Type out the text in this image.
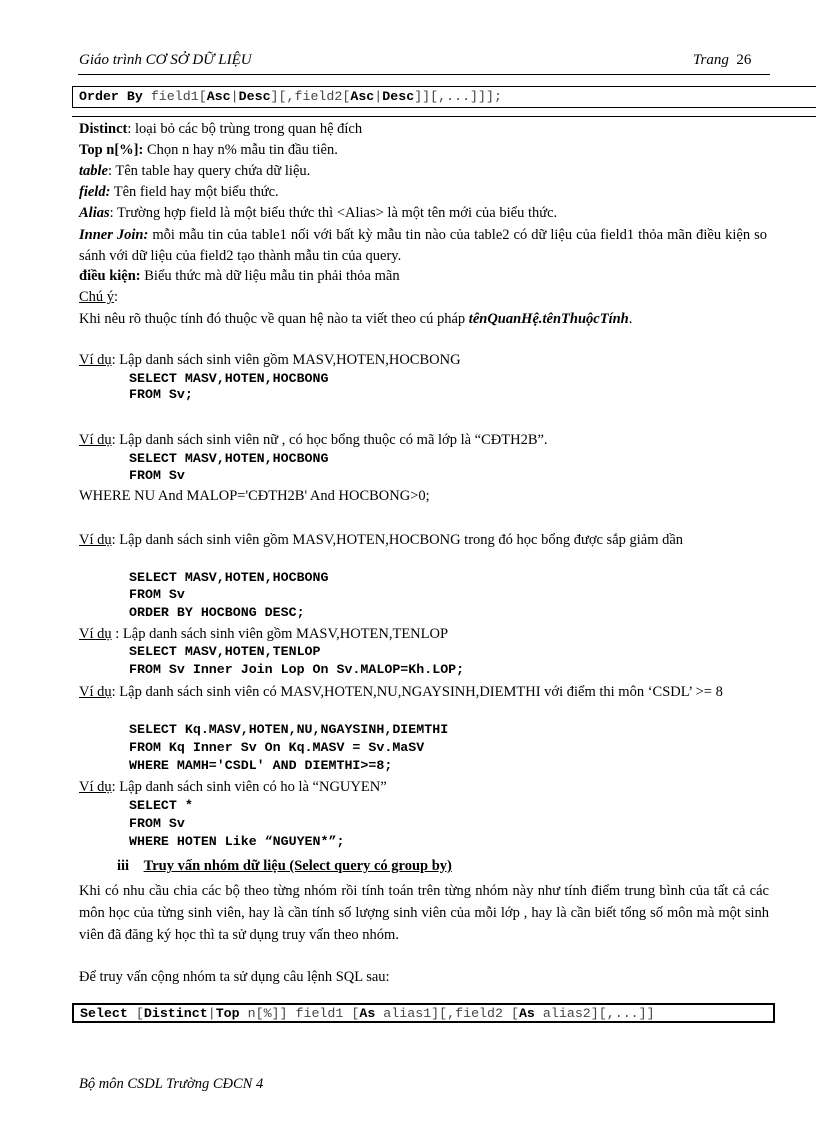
Giáo trình CƠ SỞ DỮ LIỆU	Trang 26
Order By field1[Asc|Desc][,field2[Asc|Desc]][,...]]];
Distinct: loại bỏ các bộ trùng trong quan hệ đích
Top n[%]: Chọn n hay n% mẫu tin đầu tiên.
table: Tên table hay query chứa dữ liệu.
field: Tên field hay một biểu thức.
Alias: Trường hợp field là một biểu thức thì <Alias> là một tên mới của biểu thức.
Inner Join: mỗi mẫu tin của table1 nối với bất kỳ mẫu tin nào của table2 có dữ liệu của field1 thỏa mãn điều kiện so sánh với dữ liệu của field2 tạo thành mẫu tin của query.
điều kiện: Biểu thức mà dữ liệu mẫu tin phải thỏa mãn
Chú ý:
Khi nêu rõ thuộc tính đó thuộc về quan hệ nào ta viết theo cú pháp tênQuanHệ.tênThuộcTính.
Ví dụ: Lập danh sách sinh viên gồm MASV,HOTEN,HOCBONG
SELECT MASV,HOTEN,HOCBONG
FROM Sv;
Ví dụ: Lập danh sách sinh viên nữ , có học bổng thuộc có mã lớp là “CĐTH2B”.
SELECT MASV,HOTEN,HOCBONG
FROM Sv
WHERE NU And MALOP='CĐTH2B' And HOCBONG>0;
Ví dụ: Lập danh sách sinh viên gồm MASV,HOTEN,HOCBONG trong đó học bổng được sắp giảm dần
SELECT MASV,HOTEN,HOCBONG
FROM Sv
ORDER BY HOCBONG DESC;
Ví dụ : Lập danh sách sinh viên gồm MASV,HOTEN,TENLOP
SELECT MASV,HOTEN,TENLOP
FROM Sv Inner Join Lop On Sv.MALOP=Kh.LOP;
Ví dụ: Lập danh sách sinh viên có MASV,HOTEN,NU,NGAYSINH,DIEMTHI với điểm thi môn ‘CSDL’ >= 8
SELECT Kq.MASV,HOTEN,NU,NGAYSINH,DIEMTHI
FROM Kq Inner Sv On Kq.MASV = Sv.MaSV
WHERE MAMH='CSDL' AND DIEMTHI>=8;
Ví dụ: Lập danh sách sinh viên có ho là “NGUYEN”
SELECT *
FROM Sv
WHERE HOTEN Like “NGUYEN*”;
iii Truy vấn nhóm dữ liệu (Select query có group by)
Khi có nhu cầu chia các bộ theo từng nhóm rồi tính toán trên từng nhóm này như tính điểm trung bình của tất cả các môn học của từng sinh viên, hay là cần tính số lượng sinh viên của mỗi lớp , hay là cần biết tổng số môn mà một sinh viên đã đăng ký học thì ta sử dụng truy vấn theo nhóm.
Để truy vấn cộng nhóm ta sử dụng câu lệnh SQL sau:
Select [Distinct|Top n[%]] field1 [As alias1][,field2 [As alias2][,...]]
Bộ môn CSDL Trường CĐCN 4
